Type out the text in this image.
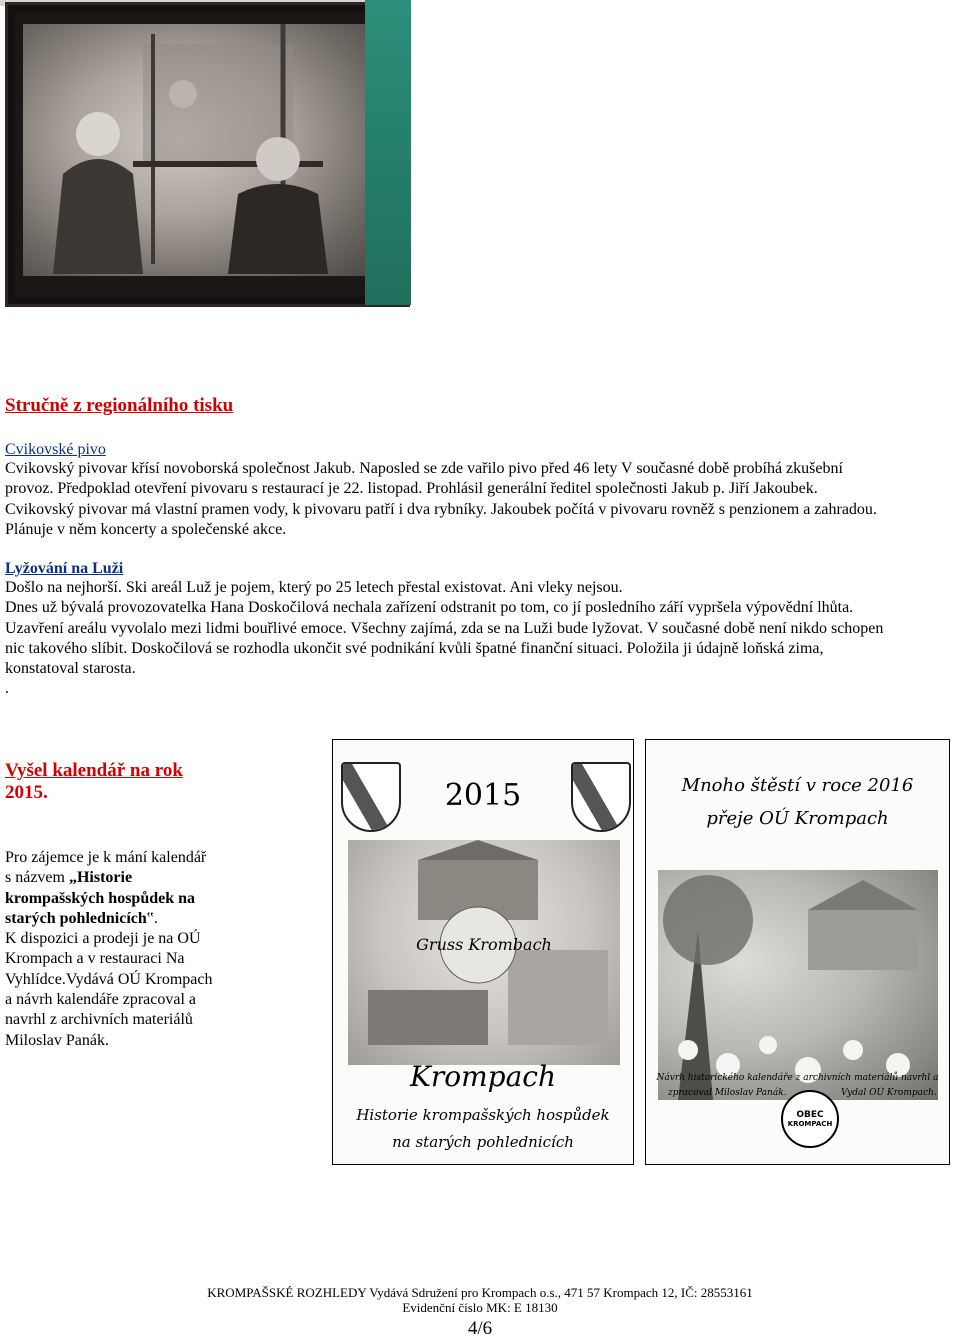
Stručně z regionálního tisku
Cvikovské pivo
Cvikovský pivovar křísí novoborská společnost Jakub. Naposled se zde vařilo pivo před 46 lety V současné době probíhá zkušební
provoz. Předpoklad otevření pivovaru s restaurací je 22. listopad. Prohlásil generální ředitel společnosti Jakub p. Jiří Jakoubek.
Cvikovský pivovar má vlastní pramen vody, k pivovaru patří i dva rybníky. Jakoubek počítá v pivovaru rovněž s penzionem a zahradou.
Plánuje v něm koncerty a společenské akce.
Lyžování na Luži
Došlo na nejhorší. Ski areál Luž je pojem, který po 25 letech přestal existovat. Ani vleky nejsou.
Dnes už bývalá provozovatelka Hana Doskočilová nechala zařízení odstranit po tom, co jí posledního září vypršela výpovědní lhůta.
Uzavření areálu vyvolalo mezi lidmi bouřlivé emoce. Všechny zajímá, zda se na Luži bude lyžovat. V současné době není nikdo schopen
nic takového slíbit. Doskočilová se rozhodla ukončit své podnikání kvůli špatné finanční situaci. Položila ji údajně loňská zima,
konstatoval starosta.
.
Vyšel kalendář na rok
2015.
Pro zájemce je k mání kalendář
s názvem „Historie
krompašských hospůdek na
starých pohlednicích‟.
K dispozici a prodeji je na OÚ
Krompach a v restauraci Na
Vyhlídce.Vydává OÚ Krompach
a návrh kalendáře zpracoval a
navrhl z archivních materiálů
Miloslav Panák.
2015
Gruss Krombach
Krompach
Historie krompašských hospůdek
na starých pohlednicích
Mnoho štěstí v roce 2016
přeje OÚ Krompach
Návrh historického kalendáře z archivních materiálů navrhl a
zpracoval Miloslav Panák.	Vydal OÚ Krompach.
OBEC
KROMPACH
KROMPAŠSKÉ ROZHLEDY Vydává Sdružení pro Krompach o.s., 471 57 Krompach 12, IČ: 28553161
Evidenční číslo MK: E 18130
4/6
